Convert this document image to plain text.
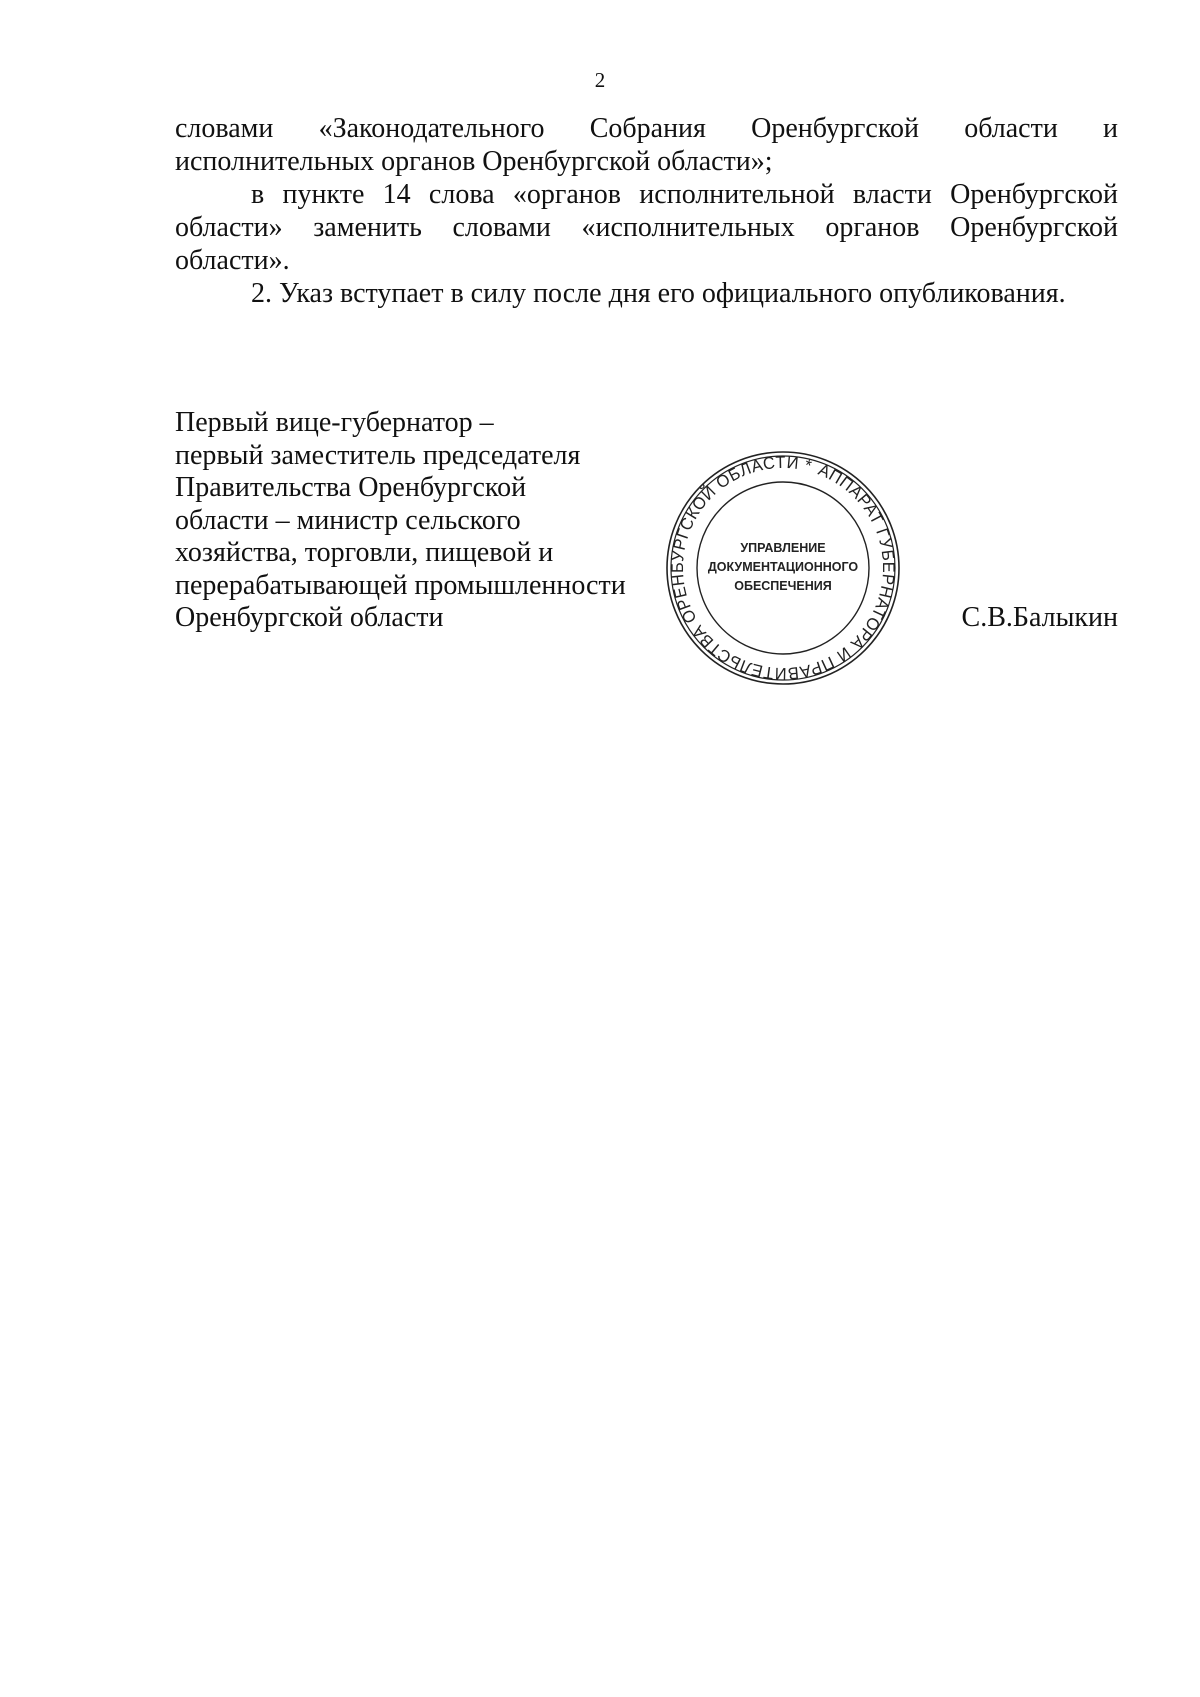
2

словами «Законодательного Собрания Оренбургской области и исполнительных органов Оренбургской области»;

в пункте 14 слова «органов исполнительной власти Оренбургской области» заменить словами «исполнительных органов Оренбургской области».

2. Указ вступает в силу после дня его официального опубликования.

Первый вице-губернатор –
первый заместитель председателя
Правительства Оренбургской
области – министр сельского
хозяйства, торговли, пищевой и
перерабатывающей промышленности
Оренбургской области
АППАРАТ ГУБЕРНАТОРА И ПРАВИТЕЛЬСТВА ОРЕНБУРГСКОЙ ОБЛАСТИ *
УПРАВЛЕНИЕ
ДОКУМЕНТАЦИОННОГО
ОБЕСПЕЧЕНИЯ
С.В.Балыкин
